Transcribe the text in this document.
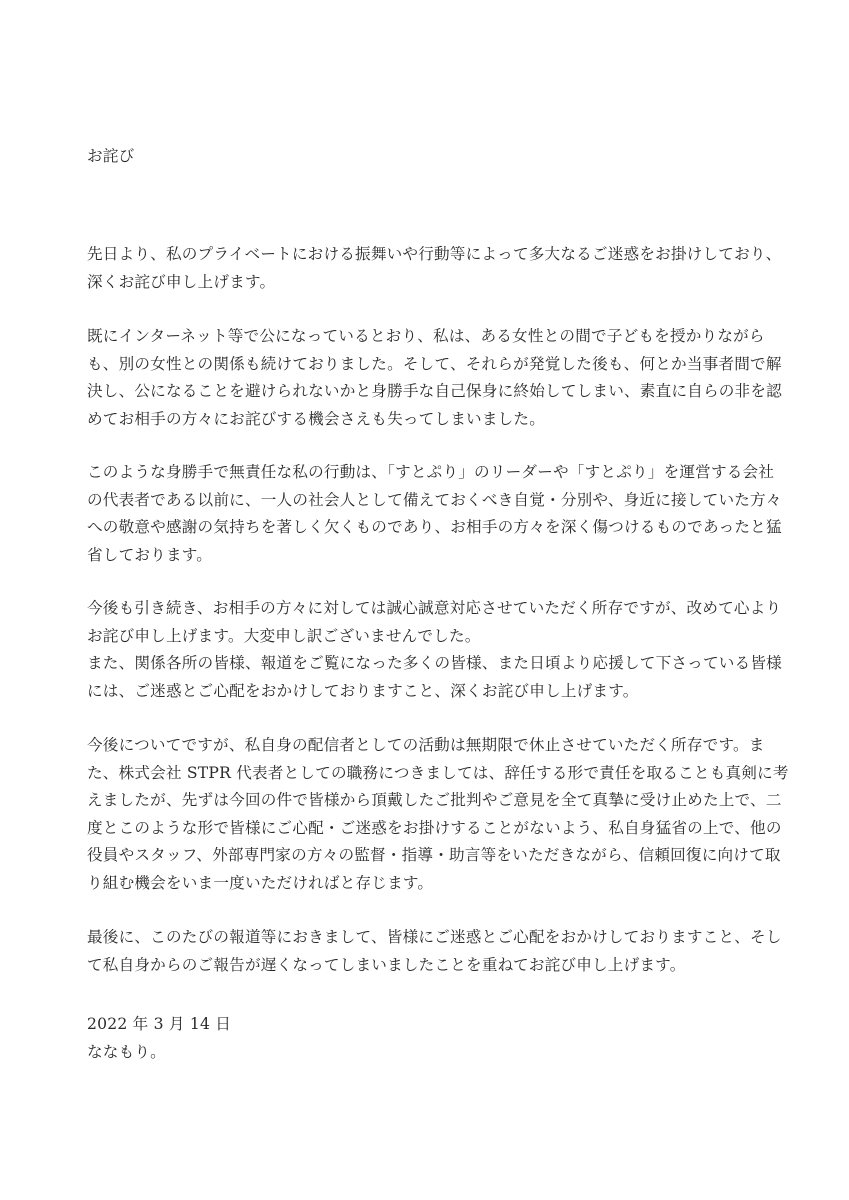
お詫び
先日より、私のプライベートにおける振舞いや行動等によって多大なるご迷惑をお掛けしており、
深くお詫び申し上げます。
既にインターネット等で公になっているとおり、私は、ある女性との間で子どもを授かりながら
も、別の女性との関係も続けておりました。そして、それらが発覚した後も、何とか当事者間で解
決し、公になることを避けられないかと身勝手な自己保身に終始してしまい、素直に自らの非を認
めてお相手の方々にお詫びする機会さえも失ってしまいました。
このような身勝手で無責任な私の行動は、「すとぷり」のリーダーや「すとぷり」を運営する会社
の代表者である以前に、一人の社会人として備えておくべき自覚・分別や、身近に接していた方々
への敬意や感謝の気持ちを著しく欠くものであり、お相手の方々を深く傷つけるものであったと猛
省しております。
今後も引き続き、お相手の方々に対しては誠心誠意対応させていただく所存ですが、改めて心より
お詫び申し上げます。大変申し訳ございませんでした。
また、関係各所の皆様、報道をご覧になった多くの皆様、また日頃より応援して下さっている皆様
には、ご迷惑とご心配をおかけしておりますこと、深くお詫び申し上げます。
今後についてですが、私自身の配信者としての活動は無期限で休止させていただく所存です。ま
た、株式会社 STPR 代表者としての職務につきましては、辞任する形で責任を取ることも真剣に考
えましたが、先ずは今回の件で皆様から頂戴したご批判やご意見を全て真摯に受け止めた上で、二
度とこのような形で皆様にご心配・ご迷惑をお掛けすることがないよう、私自身猛省の上で、他の
役員やスタッフ、外部専門家の方々の監督・指導・助言等をいただきながら、信頼回復に向けて取
り組む機会をいま一度いただければと存じます。
最後に、このたびの報道等におきまして、皆様にご迷惑とご心配をおかけしておりますこと、そし
て私自身からのご報告が遅くなってしまいましたことを重ねてお詫び申し上げます。
2022 年 3 月 14 日
ななもり。
